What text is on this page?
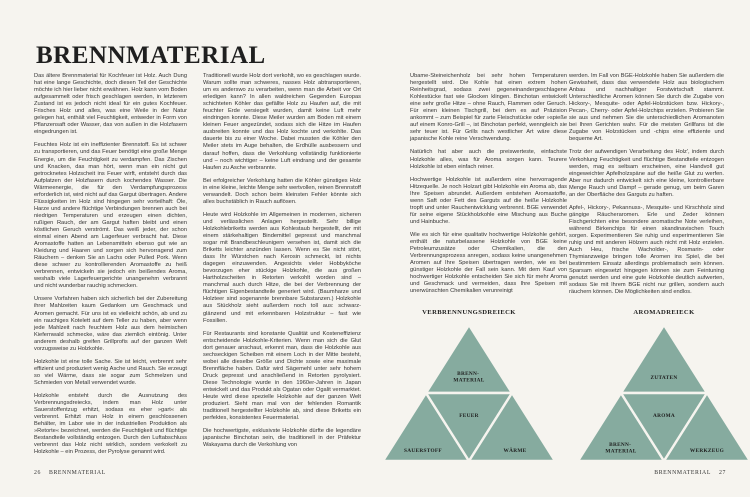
BRENNMATERIAL

Das ältere Brennmaterial für Kochfeuer ist Holz. Auch Dung hat eine lange Geschichte, doch diesen Teil der Geschichte möchte ich hier lieber nicht erwähnen. Holz kann vom Boden aufgesammelt oder frisch geschlagen werden, in letzterem Zustand ist es jedoch nicht ideal für ein gutes Kochfeuer. Frisches Holz und alles, was eine Weile in der Natur gelegen hat, enthält viel Feuchtigkeit, entweder in Form von Pflanzensaft oder Wasser, das von außen in die Holzfasern eingedrungen ist.

Feuchtes Holz ist ein ineffizienter Brennstoff. Es ist schwer zu transportieren, und das Feuer benötigt eine große Menge Energie, um die Feuchtigkeit zu verdampfen. Das Zischen und Knacken, das man hört, wenn man ein nicht gut getrocknetes Holzscheit ins Feuer wirft, entsteht durch das Aufplatzen der Holzfasern durch kochendes Wasser. Die Wärmeenergie, die für den Verdampfungsprozess erforderlich ist, wird nicht auf das Gargut übertragen. Andere Flüssigkeiten im Holz sind hingegen sehr vorteilhaft: Öle, Harze und andere flüchtige Verbindungen brennen auch bei niedrigen Temperaturen und erzeugen einen dichten, rußigen Rauch, der am Gargut haften bleibt und einen köstlichen Geruch verströmt. Das weiß jeder, der schon einmal einen Abend am Lagerfeuer verbracht hat. Diese Aromastoffe hatten an Lebensmitteln ebenso gut wie an Kleidung und Haaren und sorgen sich hervorragend zum Räuchern – denken Sie an Lachs oder Pulled Pork. Wenn diese schwer zu kontrollierenden Aromastoffe zu heiß verbrennen, entwickeln sie jedoch ein beißendes Aroma, weshalb viele Lagerfeuergerichte unangenehm verbrannt und nicht wunderbar rauchig schmecken.

Unsere Vorfahren haben sich sicherlich bei der Zubereitung ihrer Mahlzeiten kaum Gedanken um Geschmack und Aromen gemacht. Für uns ist es vielleicht schön, ab und zu ein rauchiges Kotelett auf dem Teller zu haben, aber wenn jede Mahlzeit nach feuchtem Holz aus dem heimischen Kiefernwald schmecke, wäre das ziemlich eintönig. Unter anderem deshalb greifen Grillprofis auf der ganzen Welt vorzugsweise zu Holzkohle.

Holzkohle ist eine tolle Sache. Sie ist leicht, verbrennt sehr effizient und produziert wenig Asche und Rauch. Sie erzeugt so viel Wärme, dass sie sogar zum Schmelzen und Schmieden von Metall verwendet wurde.

Holzkohle entsteht durch die Ausnutzung des Verbrennungsdreiecks, indem man Holz unter Sauerstoffentzug erhitzt, sodass es eher »gart« als verbrennt. Erhitzt man Holz in einem geschlossenen Behälter, im Labor wie in der industriellen Produktion als »Retorte« bezeichnet, werden die Feuchtigkeit und flüchtige Bestandteile vollständig entzogen. Durch den Luftabschluss verbrennt das Holz nicht wirklich, sondern verkokelt zu Holzkohle – ein Prozess, der Pyrolyse genannt wird.

Traditionell wurde Holz dort verkohlt, wo es geschlagen wurde. Warum sollte man schweres, nasses Holz abtransportieren, um es anderswo zu verarbeiten, wenn man die Arbeit vor Ort erledigen kann? In allen waldreichen Gegenden Europas schichteten Köhler das gefällte Holz zu Haufen auf, die mit feuchter Erde versiegelt wurden, damit keine Luft mehr eindringen konnte. Diese Meiler wurden am Boden mit einem kleinen Feuer angezündet, sodass sich die Hitze im Haufen ausbreiten konnte und das Holz kochte und verkohlte. Das dauerte bis zu einer Woche. Dabei mussten die Köhler den Meiler stets im Auge behalten, die Erdhülle ausbessern und darauf hoffen, dass die Verkohlung vollständig funktionierte und – noch wichtiger – keine Luft eindrang und der gesamte Haufen zu Asche verbrannte.

Bei erfolgreicher Verkohlung hatten die Köhler günstiges Holz in eine kleine, leichte Menge sehr wertvollen, reinen Brennstoff verwandelt. Doch schon beim kleinsten Fehler könnte sich alles buchstäblich in Rauch auflösen.

Heute wird Holzkohle im Allgemeinen in modernen, sicheren und verlässlichen Anlagen hergestellt. Sehr billige Holzkohlebriketts werden aus Kohlestaub hergestellt, der mit einem stärkehaltigen Bindemittel gepresst und manchmal sogar mit Brandbeschleunigern versehen ist, damit sich die Briketts leichter anzünden lassen. Wenn es Sie nicht stört, dass Ihr Würstchen nach Kerosin schmeckt, ist nichts dagegen einzuwenden. Angesichts vieler Hobbyköche bevorzugen eher stückige Holzkohle, die aus großen Hartholzscheiten in Retorten verkohlt worden sind – manchmal auch durch Hitze, die bei der Verbrennung der flüchtigen Eigenbestandteile generiert wird. (Baumharze und Holzteer sind sogenannte brennbare Substanzen.) Holzkohle aus Stückholz sieht außerdem noch toll aus: schwarz-glänzend und mit erkennbaren Holzstruktur – fast wie Fossilien.

Für Restaurants sind konstante Qualität und Kosteneffizienz entscheidende Holzkohle-Kriterien. Wenn man sich die Glut dort genauer anschaut, erkennt man, dass die Holzkohle aus sechseckigen Scheiben mit einem Loch in der Mitte besteht, wobei alle dieselbe Größe und Dichte sowie eine maximale Brennfläche haben. Dafür wird Sägemehl unter sehr hohem Druck gepresst und anschließend in Retorten pyrolysiert. Diese Technologie wurde in den 1960er-Jahren in Japan entwickelt und das Produkt als Ogatan oder Ogalit vermarktet. Heute wird diese spezielle Holzkohle auf der ganzen Welt produziert. Sieht man mal von der fehlenden Romantik traditionell hergestellter Holzkohle ab, sind diese Briketts ein perfektes, konsistentes Feuermaterial.

Die hochwertigste, exklusivste Holzkohle dürfte die legendäre japanische Binchotan sein, die traditionell in der Präfektur Wakayama durch die Verkohlung von

Ubame-Steineichenholz bei sehr hohen Temperaturen hergestellt wird. Die Kohle hat einen extrem hohen Reinheitsgrad, sodass zwei gegeneinandergeschlagene Kohlestücke fast wie Glocken klingen. Binchotan entwickelt eine sehr große Hitze – ohne Rauch, Flammen oder Geruch. Für einen kleinen Tischgrill, bei dem es auf Präzision ankommt – zum Beispiel für zarte Fleischstücke oder »spieße auf einem Konro-Grill –, ist Binchotan perfekt, wenngleich sie sehr teuer ist. Für Grills nach westlicher Art wäre diese japanische Kohle reine Verschwendung.

Natürlich hat aber auch die preiswerteste, einfachste Holzkohle alles, was für Aroma sorgen kann. Teurere Holzkohle ist eben einfach reiner.

Hochwertige Holzkohle ist außerdem eine hervorragende Hitzequelle. Je noch Holzart gibt Holzkohle ein Aroma ab, das Ihre Speisen abrundet. Außerdem entstehen Aromastoffe, wenn Saft oder Fett des Garguts auf die heiße Holzkohle tropft und unter Rauchentwicklung verbrennt. BGE verwendet für seine eigene Stückholzkohle eine Mischung aus Buche und Hainbuche.

Wie es sich für eine qualitativ hochwertige Holzkohle gehört, enthält die naturbelassene Holzkohle von BGE keine Petroleumzusätze oder Chemikalien, die den Verbrennungsprozess anregen, sodass keine unangenehmen Aromen auf Ihre Speisen übertragen werden, wie es bei günstiger Holzkohle der Fall sein kann. Mit dem Kauf von hochwertiger Holzkohle entscheiden Sie sich für mehr Aroma und Geschmack und vermeiden, dass Ihre Speisen mit unerwünschten Chemikalien verunreinigt

werden. Im Fall von BGE-Holzkohle haben Sie außerdem die Gewissheit, dass das verwendete Holz aus biologischem Anbau und nachhaltiger Forstwirtschaft stammt. Unterschiedliche Aromen können Sie durch die Zugabe von Hickory-, Mesquite- oder Apfel-Holzstücken bzw. Hickory-, Pecan-, Cherry- oder Apfel-Holzchips erzielen. Probieren Sie sie aus und nehmen Sie die unterschiedlichen Aromanoten bei Ihren Gerichten wahr. Für die meisten Grillfans ist die Zugabe von Holzstücken und -chips eine effiziente und bequeme Art.

Trotz der aufwendigen Verarbeitung des Holz', indem durch Verkohlung Feuchtigkeit und flüchtige Bestandteile entzogen werden, mag es seltsam erscheinen, eine Handvoll gut eingeweichter Apfelholzspäne auf die heiße Glut zu werfen. Aber nur dadurch entwickelt sich eine kleine, kontrollierbare Menge Rauch und Dampf – gerade genug, um beim Garen an der Oberfläche des Garguts zu haften.

Apfel-, Hickory-, Pekannuss-, Mesquite- und Kirschholz sind gängige Räucheraromen. Erle und Zeder können Fischgerichten eine besondere aromatische Note verleihen, während Birkenchips für einen skandinavischen Touch sorgen. Experimentieren Sie ruhig und experimentieren Sie ruhig und mit anderen Hölzern auch nicht mit Holz erzielen. Auch Heu, frische Wacholder-, Rosmarin- oder Thymianzweige bringen tolle Aromen ins Spiel, die bei bestimmtem Einsatz allerdings problematisch sein können. Sparsam eingesetzt hingegen können sie zum Feintuning genutzt werden und eine gute Holzkohle deutlich aufwerten, sodass Sie mit Ihrem BGE nicht nur grillen, sondern auch räuchern können. Die Möglichkeiten sind endlos.

VERBRENNUNGSDREIECK
BRENN- MATERIAL
FEUER
SAUERSTOFF	WÄRME
AROMADREIECK
ZUTATEN
AROMA
BRENN- MATERIAL	WERKZEUG
26 BRENNMATERIAL	BRENNMATERIAL 27
